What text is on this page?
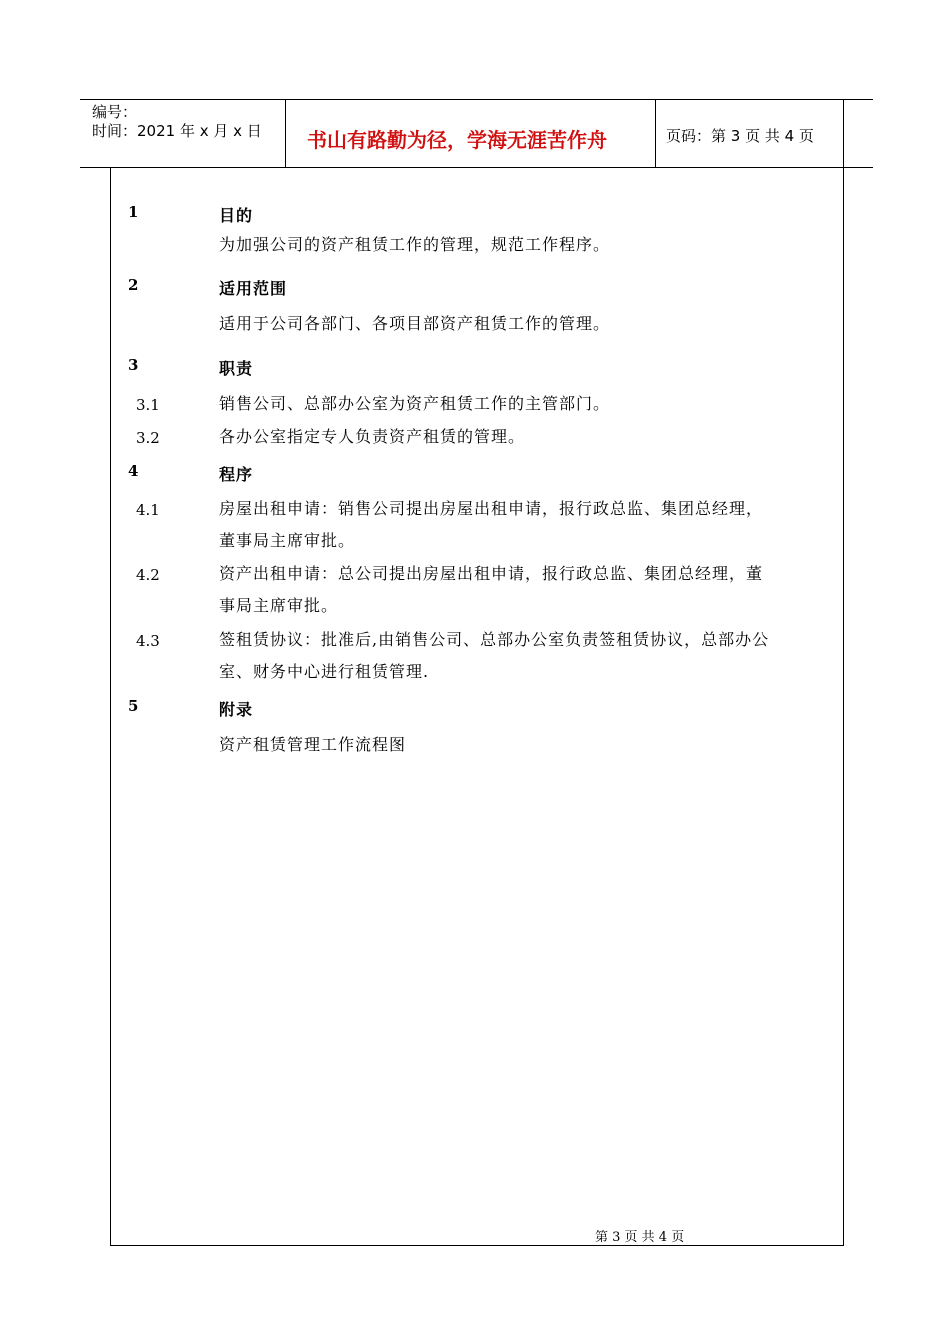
编号：
时间：2021 年 x 月 x 日 书山有路勤为径，学海无涯苦作舟	页码：第 3 页 共 4 页
1	目的
为加强公司的资产租赁工作的管理，规范工作程序。
2	适用范围
适用于公司各部门、各项目部资产租赁工作的管理。
3	职责
3.1	销售公司、总部办公室为资产租赁工作的主管部门。
3.2	各办公室指定专人负责资产租赁的管理。
4	程序
4.1	房屋出租申请：销售公司提出房屋出租申请，报行政总监、集团总经理，
董事局主席审批。
4.2	资产出租申请：总公司提出房屋出租申请，报行政总监、集团总经理，董
事局主席审批。
4.3	签租赁协议：批准后,由销售公司、总部办公室负责签租赁协议，总部办公
室、财务中心进行租赁管理.
5	附录
资产租赁管理工作流程图
第 3 页 共 4 页
